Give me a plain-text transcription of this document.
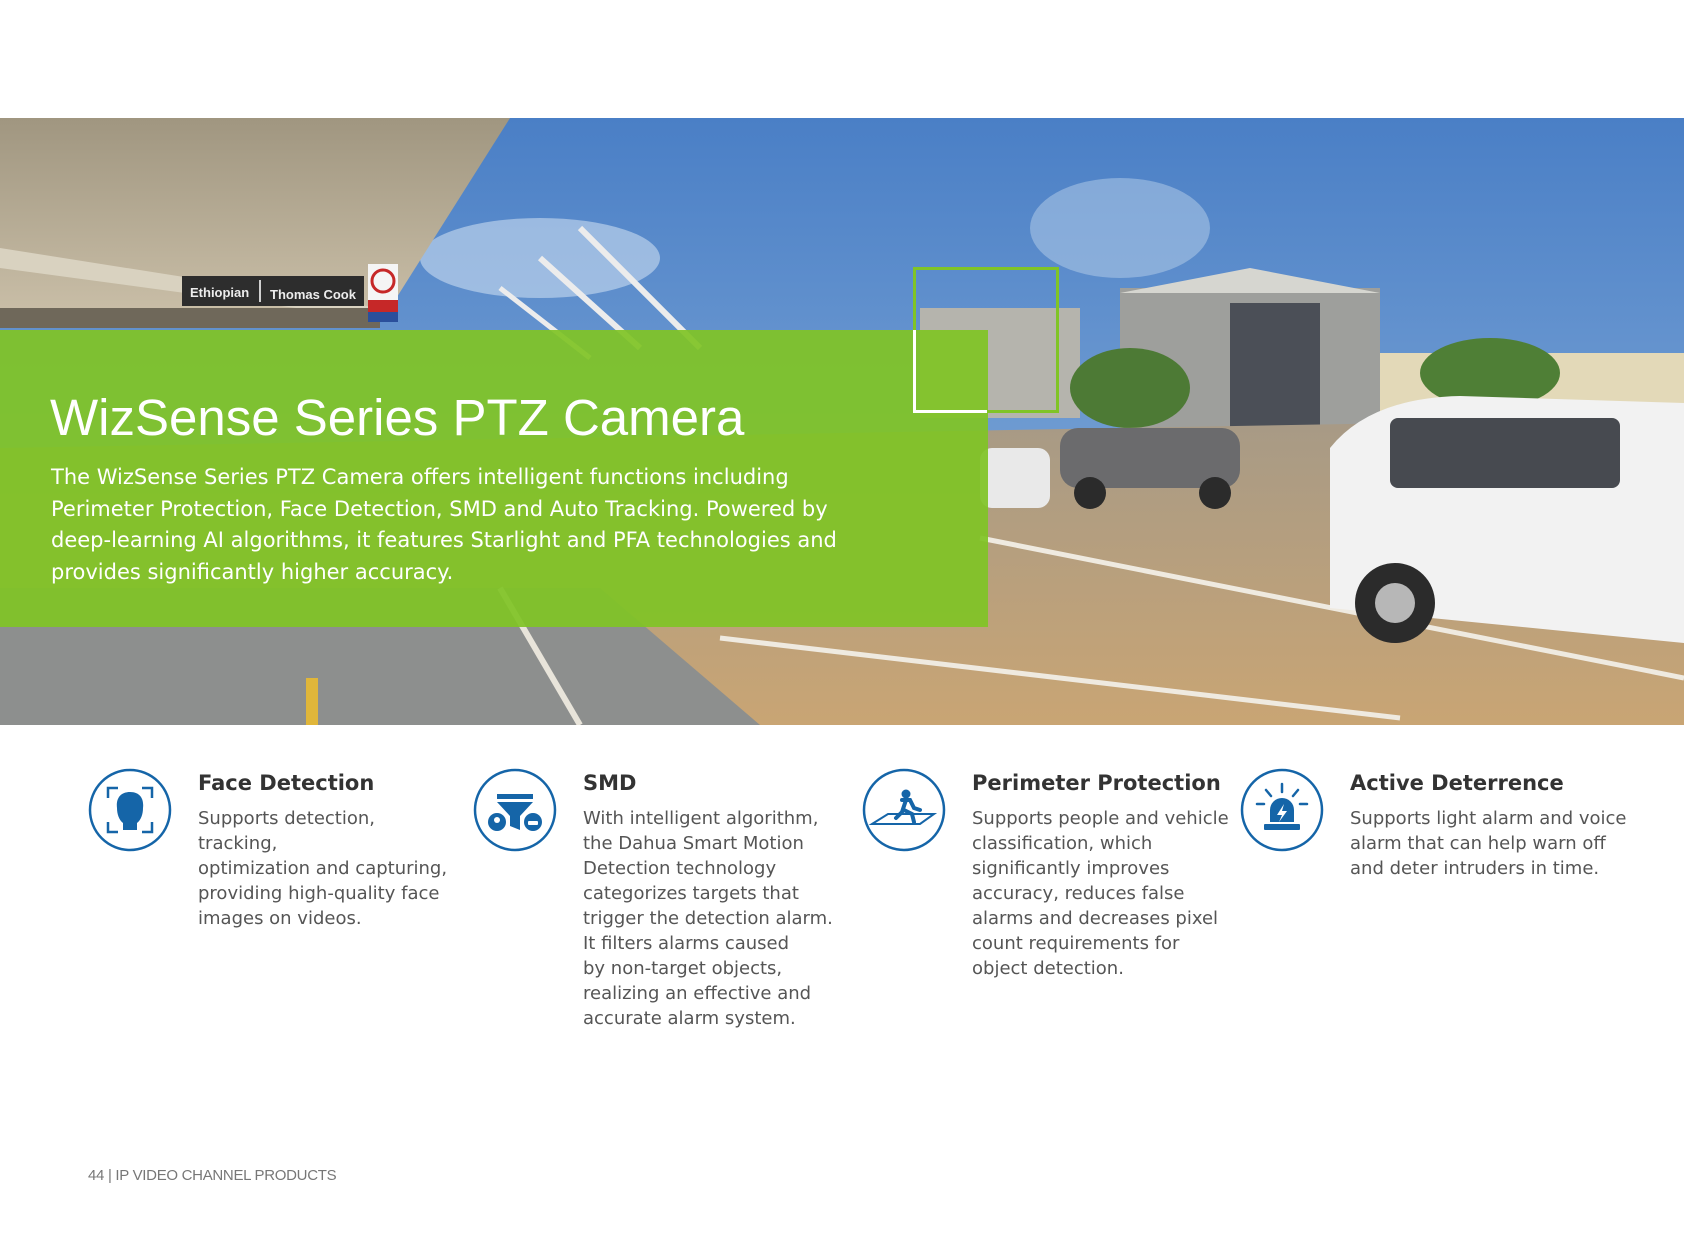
Ethiopian Thomas Cook
WizSense Series PTZ Camera

The WizSense Series PTZ Camera offers intelligent functions including Perimeter Protection, Face Detection, SMD and Auto Tracking. Powered by deep-learning AI algorithms, it features Starlight and PFA technologies and provides significantly higher accuracy.

Face Detection

Supports detection, tracking,
optimization and capturing,
providing high-quality face
images on videos.

SMD

With intelligent algorithm,
the Dahua Smart Motion
Detection technology
categorizes targets that
trigger the detection alarm.
It filters alarms caused
by non-target objects,
realizing an effective and
accurate alarm system.

Perimeter Protection

Supports people and vehicle
classification, which
significantly improves
accuracy, reduces false
alarms and decreases pixel
count requirements for
object detection.

Active Deterrence

Supports light alarm and voice
alarm that can help warn off
and deter intruders in time.

44 | IP VIDEO CHANNEL PRODUCTS
